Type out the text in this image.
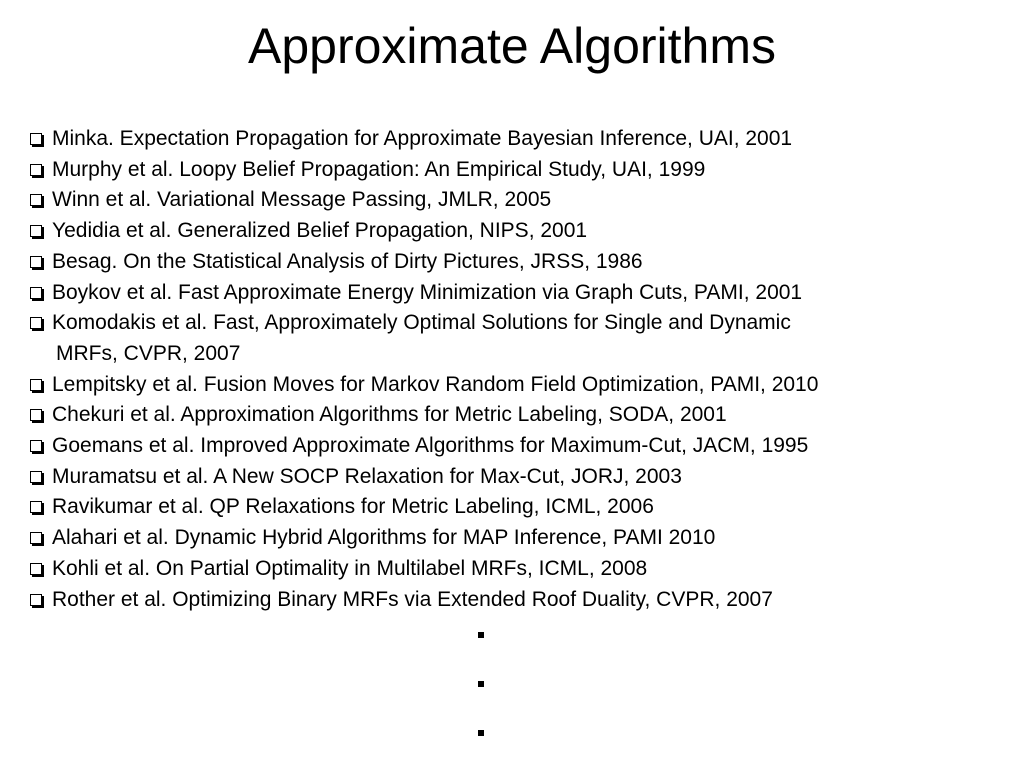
Approximate Algorithms
Minka. Expectation Propagation for Approximate Bayesian Inference, UAI, 2001
Murphy et al. Loopy Belief Propagation: An Empirical Study, UAI, 1999
Winn et al. Variational Message Passing, JMLR, 2005
Yedidia et al. Generalized Belief Propagation, NIPS, 2001
Besag. On the Statistical Analysis of Dirty Pictures, JRSS, 1986
Boykov et al. Fast Approximate Energy Minimization via Graph Cuts, PAMI, 2001
Komodakis et al. Fast, Approximately Optimal Solutions for Single and Dynamic
MRFs, CVPR, 2007
Lempitsky et al. Fusion Moves for Markov Random Field Optimization, PAMI, 2010
Chekuri et al. Approximation Algorithms for Metric Labeling, SODA, 2001
Goemans et al. Improved Approximate Algorithms for Maximum-Cut, JACM, 1995
Muramatsu et al. A New SOCP Relaxation for Max-Cut, JORJ, 2003
Ravikumar et al. QP Relaxations for Metric Labeling, ICML, 2006
Alahari et al. Dynamic Hybrid Algorithms for MAP Inference, PAMI 2010
Kohli et al. On Partial Optimality in Multilabel MRFs, ICML, 2008
Rother et al. Optimizing Binary MRFs via Extended Roof Duality, CVPR, 2007
